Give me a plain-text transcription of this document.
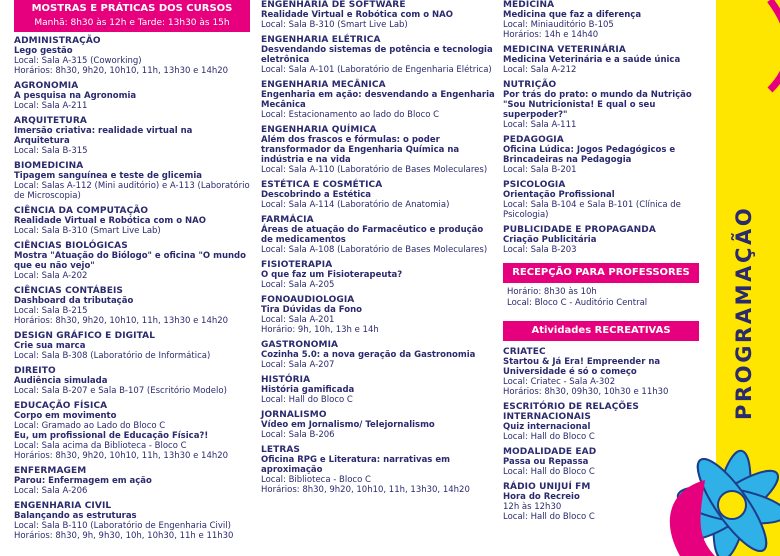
MOSTRAS E PRÁTICAS DOS CURSOS
Manhã: 8h30 às 12h e Tarde: 13h30 às 15h
ADMINISTRAÇÃO
Lego gestão
Local: Sala A-315 (Coworking)
Horários: 8h30, 9h20, 10h10, 11h, 13h30 e 14h20
AGRONOMIA
A pesquisa na Agronomia
Local: Sala A-211
ARQUITETURA
Imersão criativa: realidade virtual na Arquitetura
Local: Sala B-315
BIOMEDICINA
Tipagem sanguínea e teste de glicemia
Local: Salas A-112 (Mini auditório) e A-113 (Laboratório de Microscopia)
CIÊNCIA DA COMPUTAÇÃO
Realidade Virtual e Robótica com o NAO
Local: Sala B-310 (Smart Live Lab)
CIÊNCIAS BIOLÓGICAS
Mostra "Atuação do Biólogo" e oficina "O mundo que eu não vejo"
Local: Sala A-202
CIÊNCIAS CONTÁBEIS
Dashboard da tributação
Local: Sala B-215
Horários: 8h30, 9h20, 10h10, 11h, 13h30 e 14h20
DESIGN GRÁFICO E DIGITAL
Crie sua marca
Local: Sala B-308 (Laboratório de Informática)
DIREITO
Audiência simulada
Local: Sala B-207 e Sala B-107 (Escritório Modelo)
EDUCAÇÃO FÍSICA
Corpo em movimento
Local: Gramado ao Lado do Bloco C
Eu, um profissional de Educação Física?!
Local: Sala acima da Biblioteca - Bloco C
Horários: 8h30, 9h20, 10h10, 11h, 13h30 e 14h20
ENFERMAGEM
Parou: Enfermagem em ação
Local: Sala A-206
ENGENHARIA CIVIL
Balançando as estruturas
Local: Sala B-110 (Laboratório de Engenharia Civil)
Horários: 8h30, 9h, 9h30, 10h, 10h30, 11h e 11h30
ENGENHARIA DE SOFTWARE
Realidade Virtual e Robótica com o NAO
Local: Sala B-310 (Smart Live Lab)
ENGENHARIA ELÉTRICA
Desvendando sistemas de potência e tecnologia eletrônica
Local: Sala A-101 (Laboratório de Engenharia Elétrica)
ENGENHARIA MECÂNICA
Engenharia em ação: desvendando a Engenharia Mecânica
Local: Estacionamento ao lado do Bloco C
ENGENHARIA QUÍMICA
Além dos frascos e fórmulas: o poder transformador da Engenharia Química na indústria e na vida
Local: Sala A-110 (Laboratório de Bases Moleculares)
ESTÉTICA E COSMÉTICA
Descobrindo a Estética
Local: Sala A-114 (Laboratório de Anatomia)
FARMÁCIA
Áreas de atuação do Farmacêutico e produção de medicamentos
Local: Sala A-108 (Laboratório de Bases Moleculares)
FISIOTERAPIA
O que faz um Fisioterapeuta?
Local: Sala A-205
FONOAUDIOLOGIA
Tira Dúvidas da Fono
Local: Sala A-201
Horário: 9h, 10h, 13h e 14h
GASTRONOMIA
Cozinha 5.0: a nova geração da Gastronomia
Local: Sala A-207
HISTÓRIA
História gamificada
Local: Hall do Bloco C
JORNALISMO
Vídeo em Jornalismo/ Telejornalismo
Local: Sala B-206
LETRAS
Oficina RPG e Literatura: narrativas em aproximação
Local: Biblioteca - Bloco C
Horários: 8h30, 9h20, 10h10, 11h, 13h30, 14h20
MEDICINA
Medicina que faz a diferença
Local: Miniauditório B-105
Horários: 14h e 14h40
MEDICINA VETERINÁRIA
Medicina Veterinária e a saúde única
Local: Sala A-212
NUTRIÇÃO
Por trás do prato: o mundo da Nutrição "Sou Nutricionista! E qual o seu superpoder?"
Local: Sala A-111
PEDAGOGIA
Oficina Lúdica: Jogos Pedagógicos e Brincadeiras na Pedagogia
Local: Sala B-201
PSICOLOGIA
Orientação Profissional
Local: Sala B-104 e Sala B-101 (Clínica de Psicologia)
PUBLICIDADE E PROPAGANDA
Criação Publicitária
Local: Sala B-203
RECEPÇÃO PARA PROFESSORES
Horário: 8h30 às 10h
Local: Bloco C - Auditório Central
Atividades RECREATIVAS
CRIATEC
Startou & Já Era! Empreender na Universidade é só o começo
Local: Criatec - Sala A-302
Horários: 8h30, 09h30, 10h30 e 11h30
ESCRITÓRIO DE RELAÇÕES INTERNACIONAIS
Quiz internacional
Local: Hall do Bloco C
MODALIDADE EAD
Passa ou Repassa
Local: Hall do Bloco C
RÁDIO UNIJUÍ FM
Hora do Recreio
12h às 12h30
Local: Hall do Bloco C
PROGRAMAÇÃO
